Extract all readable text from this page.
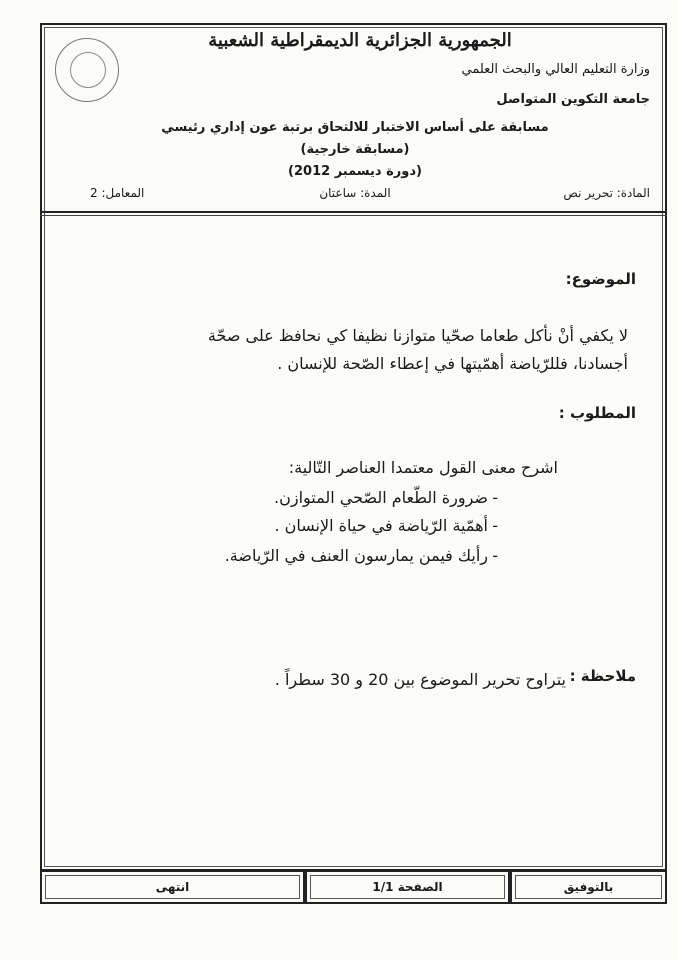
الجمهورية الجزائرية الديمقراطية الشعبية
وزارة التعليم العالي والبحث العلمي
جامعة التكوين المتواصل
مسابقة على أساس الاختبار للالتحاق برتبة عون إداري رئيسي
(مسابقة خارجية)
(دورة ديسمبر 2012)
المادة: تحرير نص
المدة: ساعتان
المعامل: 2
الموضوع:
لا يكفي أنْ نأكل طعاما صحّيا متوازنا نظيفا كي نحافظ على صحّة
أجسادنا، فللرّياضة أهمّيتها في إعطاء الصّحة للإنسان .
المطلوب :
اشرح معنى القول معتمدا العناصر التّالية:
-
ضرورة الطّعام الصّحي المتوازن.
-
أهمّية الرّياضة في حياة الإنسان .
-
رأيك فيمن يمارسون العنف في الرّياضة.
ملاحظة :
يتراوح تحرير الموضوع بين 20 و 30 سطراً .
بالتوفيق
الصفحة 1/1
انتهى
